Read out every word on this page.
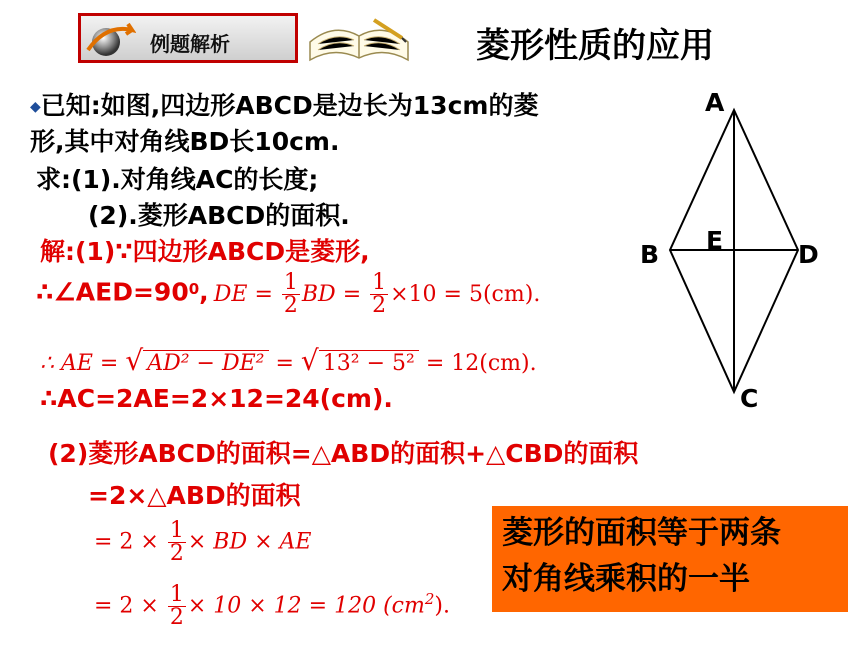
例题解析	菱形性质的应用
◆已知:如图,四边形ABCD是边长为13cm的菱
形,其中对角线BD长10cm.
求:(1).对角线AC的长度;
(2).菱形ABCD的面积.
解:(1)∵四边形ABCD是菱形,
$\therefore\angle AED=90^0$, DE = $\frac{1}{2}$ BD = $\frac{1}{2} \times 10 = 5(cm)$.
∴ AE = √ AD² − DE² = √ 13² − 5² = 12(cm).
∴AC=2AE=2×12=24(cm).
(2)菱形ABCD的面积=△ABD的面积+△CBD的面积
=2×△ABD的面积
= $2 \times \frac{1}{2}$ × BD × AE
= $2 \times \frac{1}{2} \times 10 \times 12 = 120$ $(cm^2)$.
A
B E	D
C
菱形的面积等于两条
对角线乘积的一半
